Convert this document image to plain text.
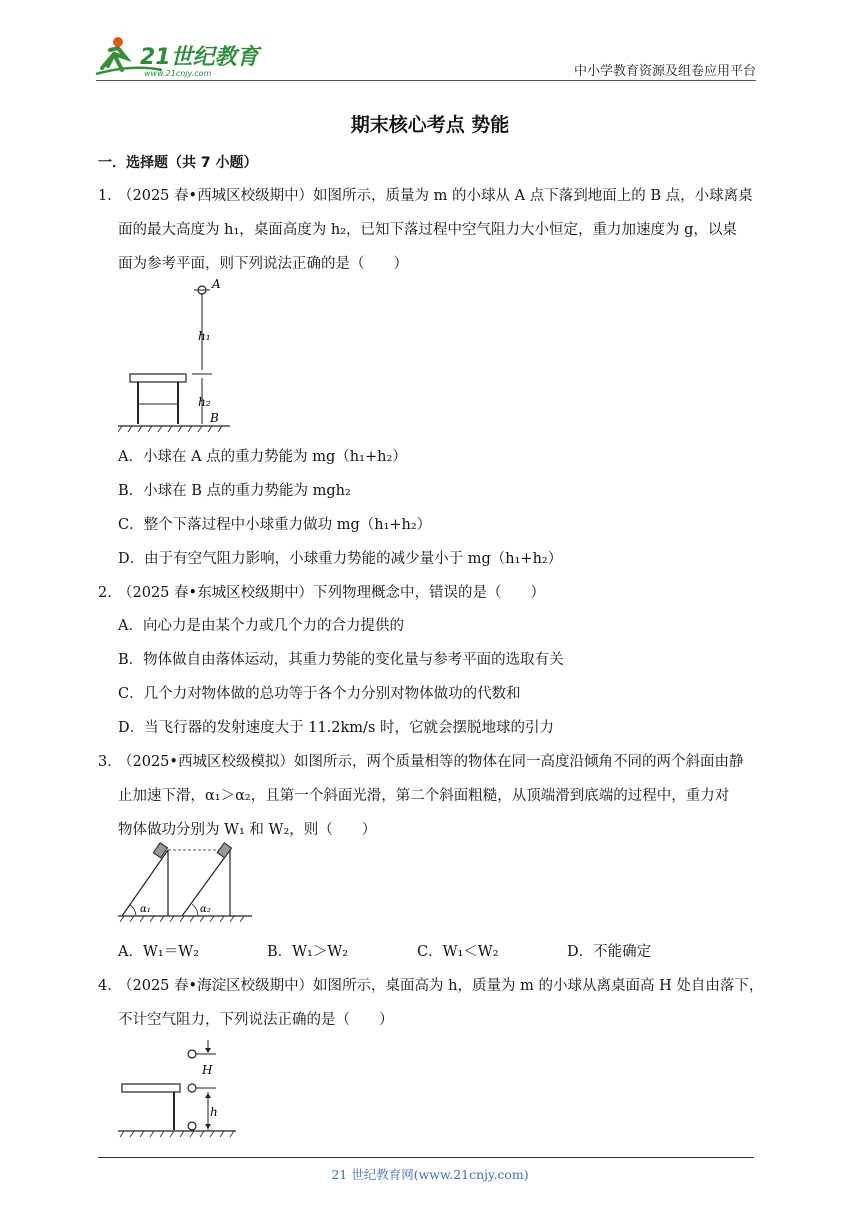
21世纪教育
www.21cnjy.com	中小学教育资源及组卷应用平台
期末核心考点 势能
一．选择题（共 7 小题）
1．
（2025 春•西城区校级期中）如图所示，质量为 m 的小球从 A 点下落到地面上的 B 点，小球离桌
面的最大高度为 h₁，桌面高度为 h₂，已知下落过程中空气阻力大小恒定，重力加速度为 g，以桌
面为参考平面，则下列说法正确的是（　　）
A
h₁
h₂
B
A．小球在 A 点的重力势能为 mg（h₁+h₂）
B．小球在 B 点的重力势能为 mgh₂
C．整个下落过程中小球重力做功 mg（h₁+h₂）
D．由于有空气阻力影响，小球重力势能的减少量小于 mg（h₁+h₂）
2．
（2025 春•东城区校级期中）下列物理概念中，错误的是（　　）
A．向心力是由某个力或几个力的合力提供的
B．物体做自由落体运动，其重力势能的变化量与参考平面的选取有关
C．几个力对物体做的总功等于各个力分别对物体做功的代数和
D．当飞行器的发射速度大于 11.2km/s 时，它就会摆脱地球的引力
3．
（2025•西城区校级模拟）如图所示，两个质量相等的物体在同一高度沿倾角不同的两个斜面由静
止加速下滑，α₁＞α₂，且第一个斜面光滑，第二个斜面粗糙，从顶端滑到底端的过程中，重力对
物体做功分别为 W₁ 和 W₂，则（　　）
α₁	α₂
A．W₁＝W₂	B．W₁＞W₂	C．W₁＜W₂	D．不能确定
4．
（2025 春•海淀区校级期中）如图所示，桌面高为 h，质量为 m 的小球从离桌面高 H 处自由落下，
不计空气阻力，下列说法正确的是（　　）
H
h
21 世纪教育网(www.21cnjy.com)
